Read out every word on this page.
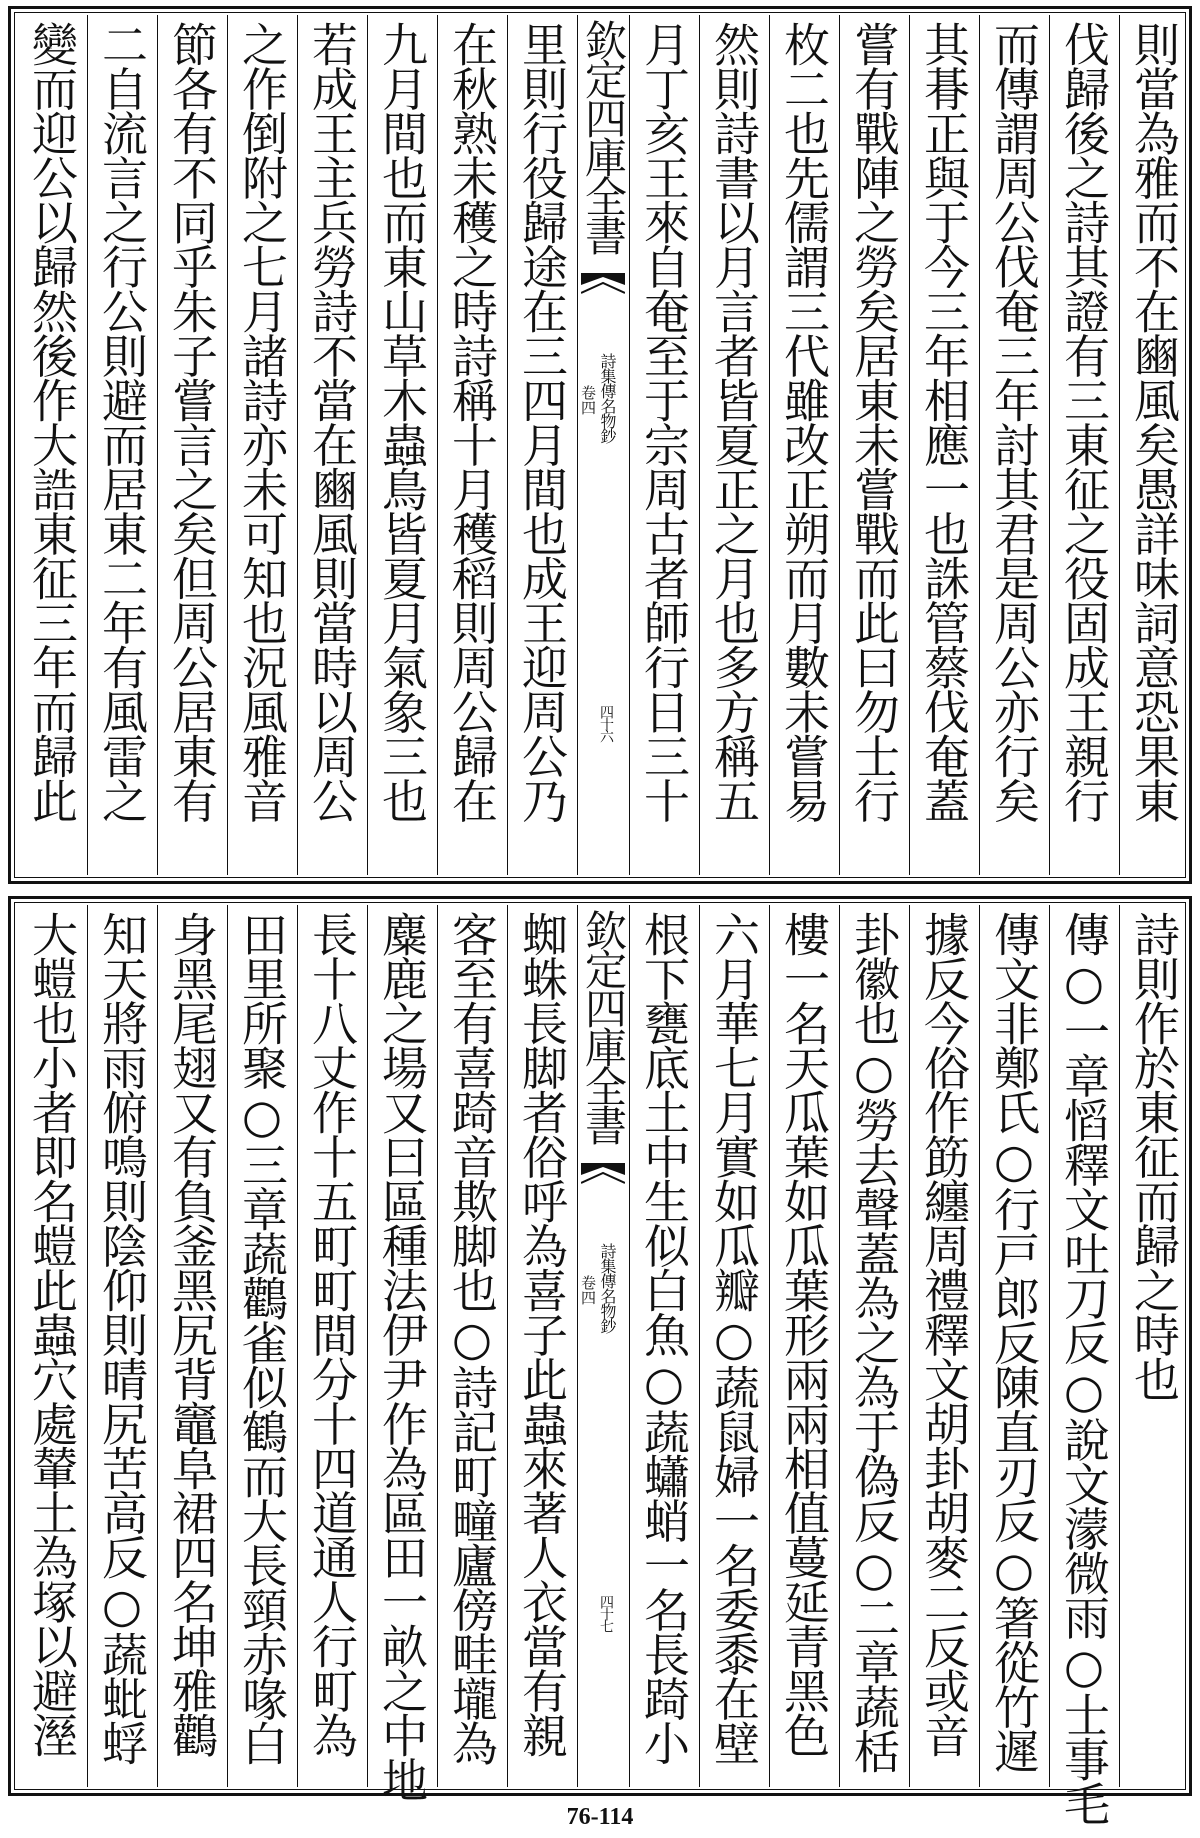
則當為雅而不在豳風矣愚詳味詞意恐果東
伐歸後之詩其證有三東征之役固成王親行
而傳謂周公伐奄三年討其君是周公亦行矣
其朞正與于今三年相應一也誅管蔡伐奄蓋
嘗有戰陣之勞矣居東未嘗戰而此曰勿士行
枚二也先儒謂三代雖改正朔而月數未嘗易
然則詩書以月言者皆夏正之月也多方稱五
月丁亥王來自奄至于宗周古者師行日三十
里則行役歸途在三四月間也成王迎周公乃
在秋熟未穫之時詩稱十月穫稻則周公歸在
九月間也而東山草木蟲鳥皆夏月氣象三也
若成王主兵勞詩不當在豳風則當時以周公
之作倒附之七月諸詩亦未可知也況風雅音
節各有不同乎朱子嘗言之矣但周公居東有
二自流言之行公則避而居東二年有風雷之
變而迎公以歸然後作大誥東征三年而歸此	欽定四庫全書
詩集傳名物鈔
卷四
四十六
詩則作於東征而歸之時也
傳○一章慆釋文吐刀反○說文濛微雨○士事毛
傳文非鄭氏○行戸郎反陳直刃反○箸從竹遲
據反今俗作筯纏周禮釋文胡卦胡麥二反或音
卦徽也○勞去聲蓋為之為于偽反○二章蔬栝
樓一名天瓜葉如瓜葉形兩兩相值蔓延青黑色
六月華七月實如瓜瓣○蔬鼠婦一名委黍在壁
根下甕底土中生似白魚○蔬蠨蛸一名長踦小
蜘蛛長脚者俗呼為喜子此蟲來著人衣當有親
客至有喜踦音欺脚也○詩記町疃廬傍畦壠為
麋鹿之場又曰區種法伊尹作為區田一畝之中地
長十八丈作十五町町間分十四道通人行町為
田里所聚○三章蔬鸛雀似鶴而大長頸赤喙白
身黑尾翅又有負釜黑尻背竈阜裙四名坤雅鸛
知天將雨俯鳴則陰仰則晴尻苦高反○蔬蚍蜉
大螘也小者即名螘此蟲穴處輦土為塚以避溼	欽定四庫全書
詩集傳名物鈔
卷四
四十七
76-114
